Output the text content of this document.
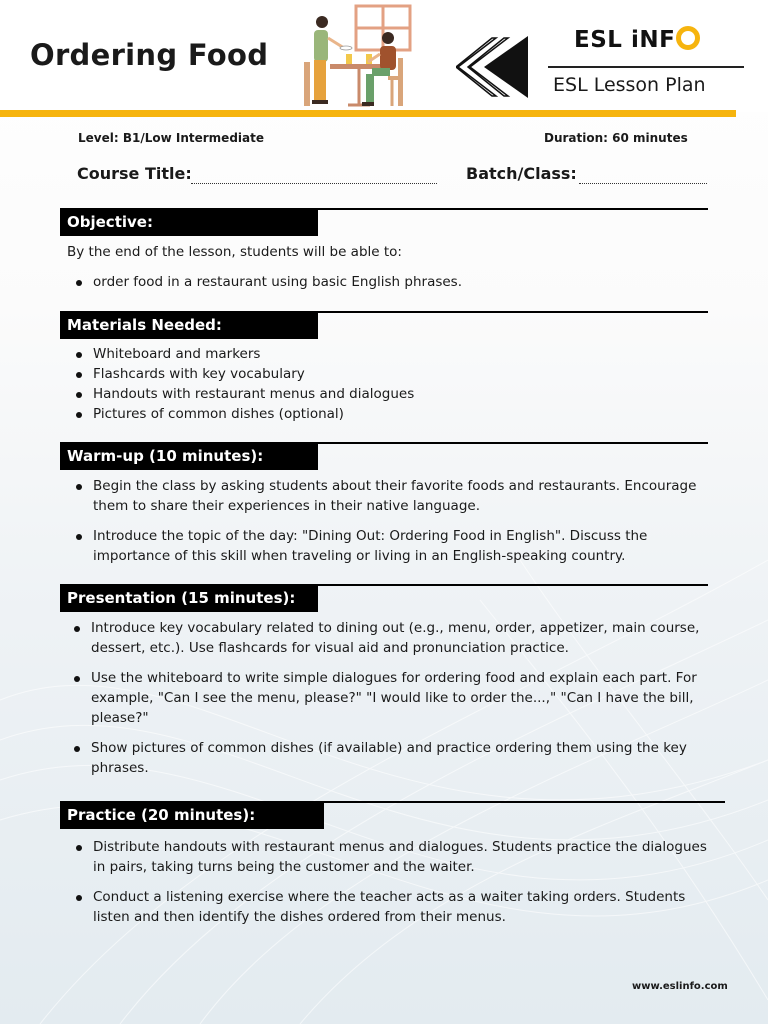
Ordering Food	ESL iNF
ESL Lesson Plan
Level: B1/Low Intermediate	Duration: 60 minutes
Course Title:	Batch/Class:
Objective:
By the end of the lesson, students will be able to:
order food in a restaurant using basic English phrases.
Materials Needed:
Whiteboard and markers
Flashcards with key vocabulary
Handouts with restaurant menus and dialogues
Pictures of common dishes (optional)
Warm-up (10 minutes):
Begin the class by asking students about their favorite foods and restaurants. Encourage them to share their experiences in their native language.
Introduce the topic of the day: "Dining Out: Ordering Food in English". Discuss the importance of this skill when traveling or living in an English-speaking country.
Presentation (15 minutes):
Introduce key vocabulary related to dining out (e.g., menu, order, appetizer, main course, dessert, etc.). Use flashcards for visual aid and pronunciation practice.
Use the whiteboard to write simple dialogues for ordering food and explain each part. For example, "Can I see the menu, please?" "I would like to order the...," "Can I have the bill, please?"
Show pictures of common dishes (if available) and practice ordering them using the key phrases.
Practice (20 minutes):
Distribute handouts with restaurant menus and dialogues. Students practice the dialogues in pairs, taking turns being the customer and the waiter.
Conduct a listening exercise where the teacher acts as a waiter taking orders. Students listen and then identify the dishes ordered from their menus.
www.eslinfo.com
